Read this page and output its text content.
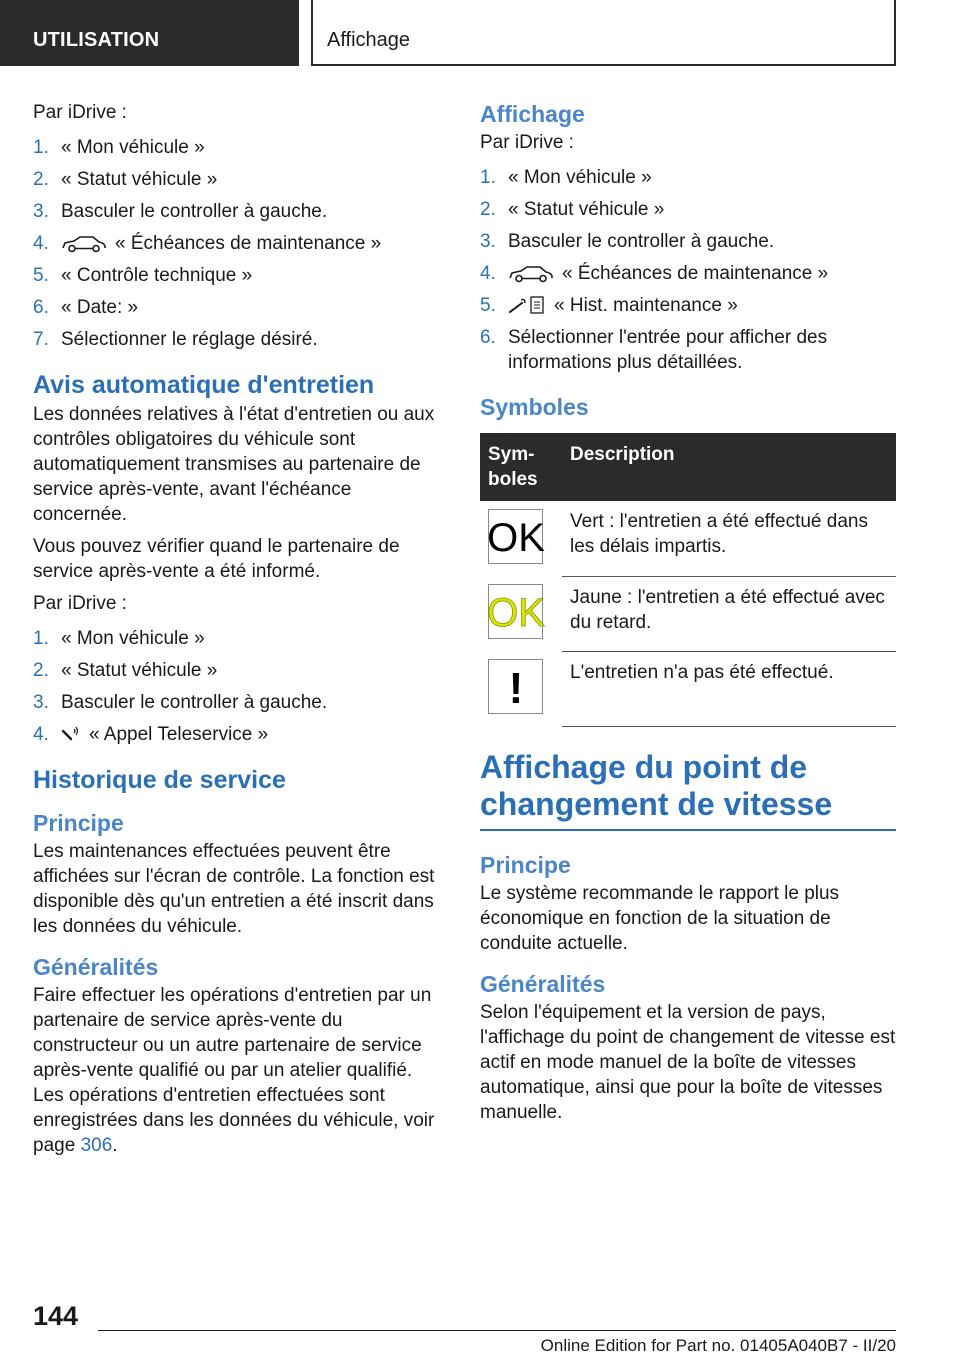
UTILISATION	Affichage

Par iDrive :

1. « Mon véhicule »
2. « Statut véhicule »
3. Basculer le controller à gauche.
4.	« Échéances de maintenance »
5. « Contrôle technique »
6. « Date: »
7. Sélectionner le réglage désiré.
Avis automatique d'entretien

Les données relatives à l'état d'entretien ou aux contrôles obligatoires du véhicule sont automatiquement transmises au partenaire de service après-vente, avant l'échéance concernée.

Vous pouvez vérifier quand le partenaire de service après-vente a été informé.

Par iDrive :

1. « Mon véhicule »
2. « Statut véhicule »
3. Basculer le controller à gauche.
4. « Appel Teleservice »
Historique de service
Principe

Les maintenances effectuées peuvent être affichées sur l'écran de contrôle. La fonction est disponible dès qu'un entretien a été inscrit dans les données du véhicule.

Généralités

Faire effectuer les opérations d'entretien par un partenaire de service après-vente du constructeur ou un autre partenaire de service après-vente qualifié ou par un atelier qualifié. Les opérations d'entretien effectuées sont enregistrées dans les données du véhicule, voir page 306.

Affichage

Par iDrive :

1. « Mon véhicule »
2. « Statut véhicule »
3. Basculer le controller à gauche.
4.	« Échéances de maintenance »
5.	« Hist. maintenance »
6. Sélectionner l'entrée pour afficher des informations plus détaillées.
Symboles
Sym-
boles	Description

OK	Vert : l'entretien a été effectué dans les délais impartis.

OK	Jaune : l'entretien a été effectué avec du retard.

!	L'entretien n'a pas été effectué.
Affichage du point de changement de vitesse
Principe

Le système recommande le rapport le plus économique en fonction de la situation de conduite actuelle.

Généralités

Selon l'équipement et la version de pays, l'affichage du point de changement de vitesse est actif en mode manuel de la boîte de vitesses automatique, ainsi que pour la boîte de vitesses manuelle.

144
Online Edition for Part no. 01405A040B7 - II/20
